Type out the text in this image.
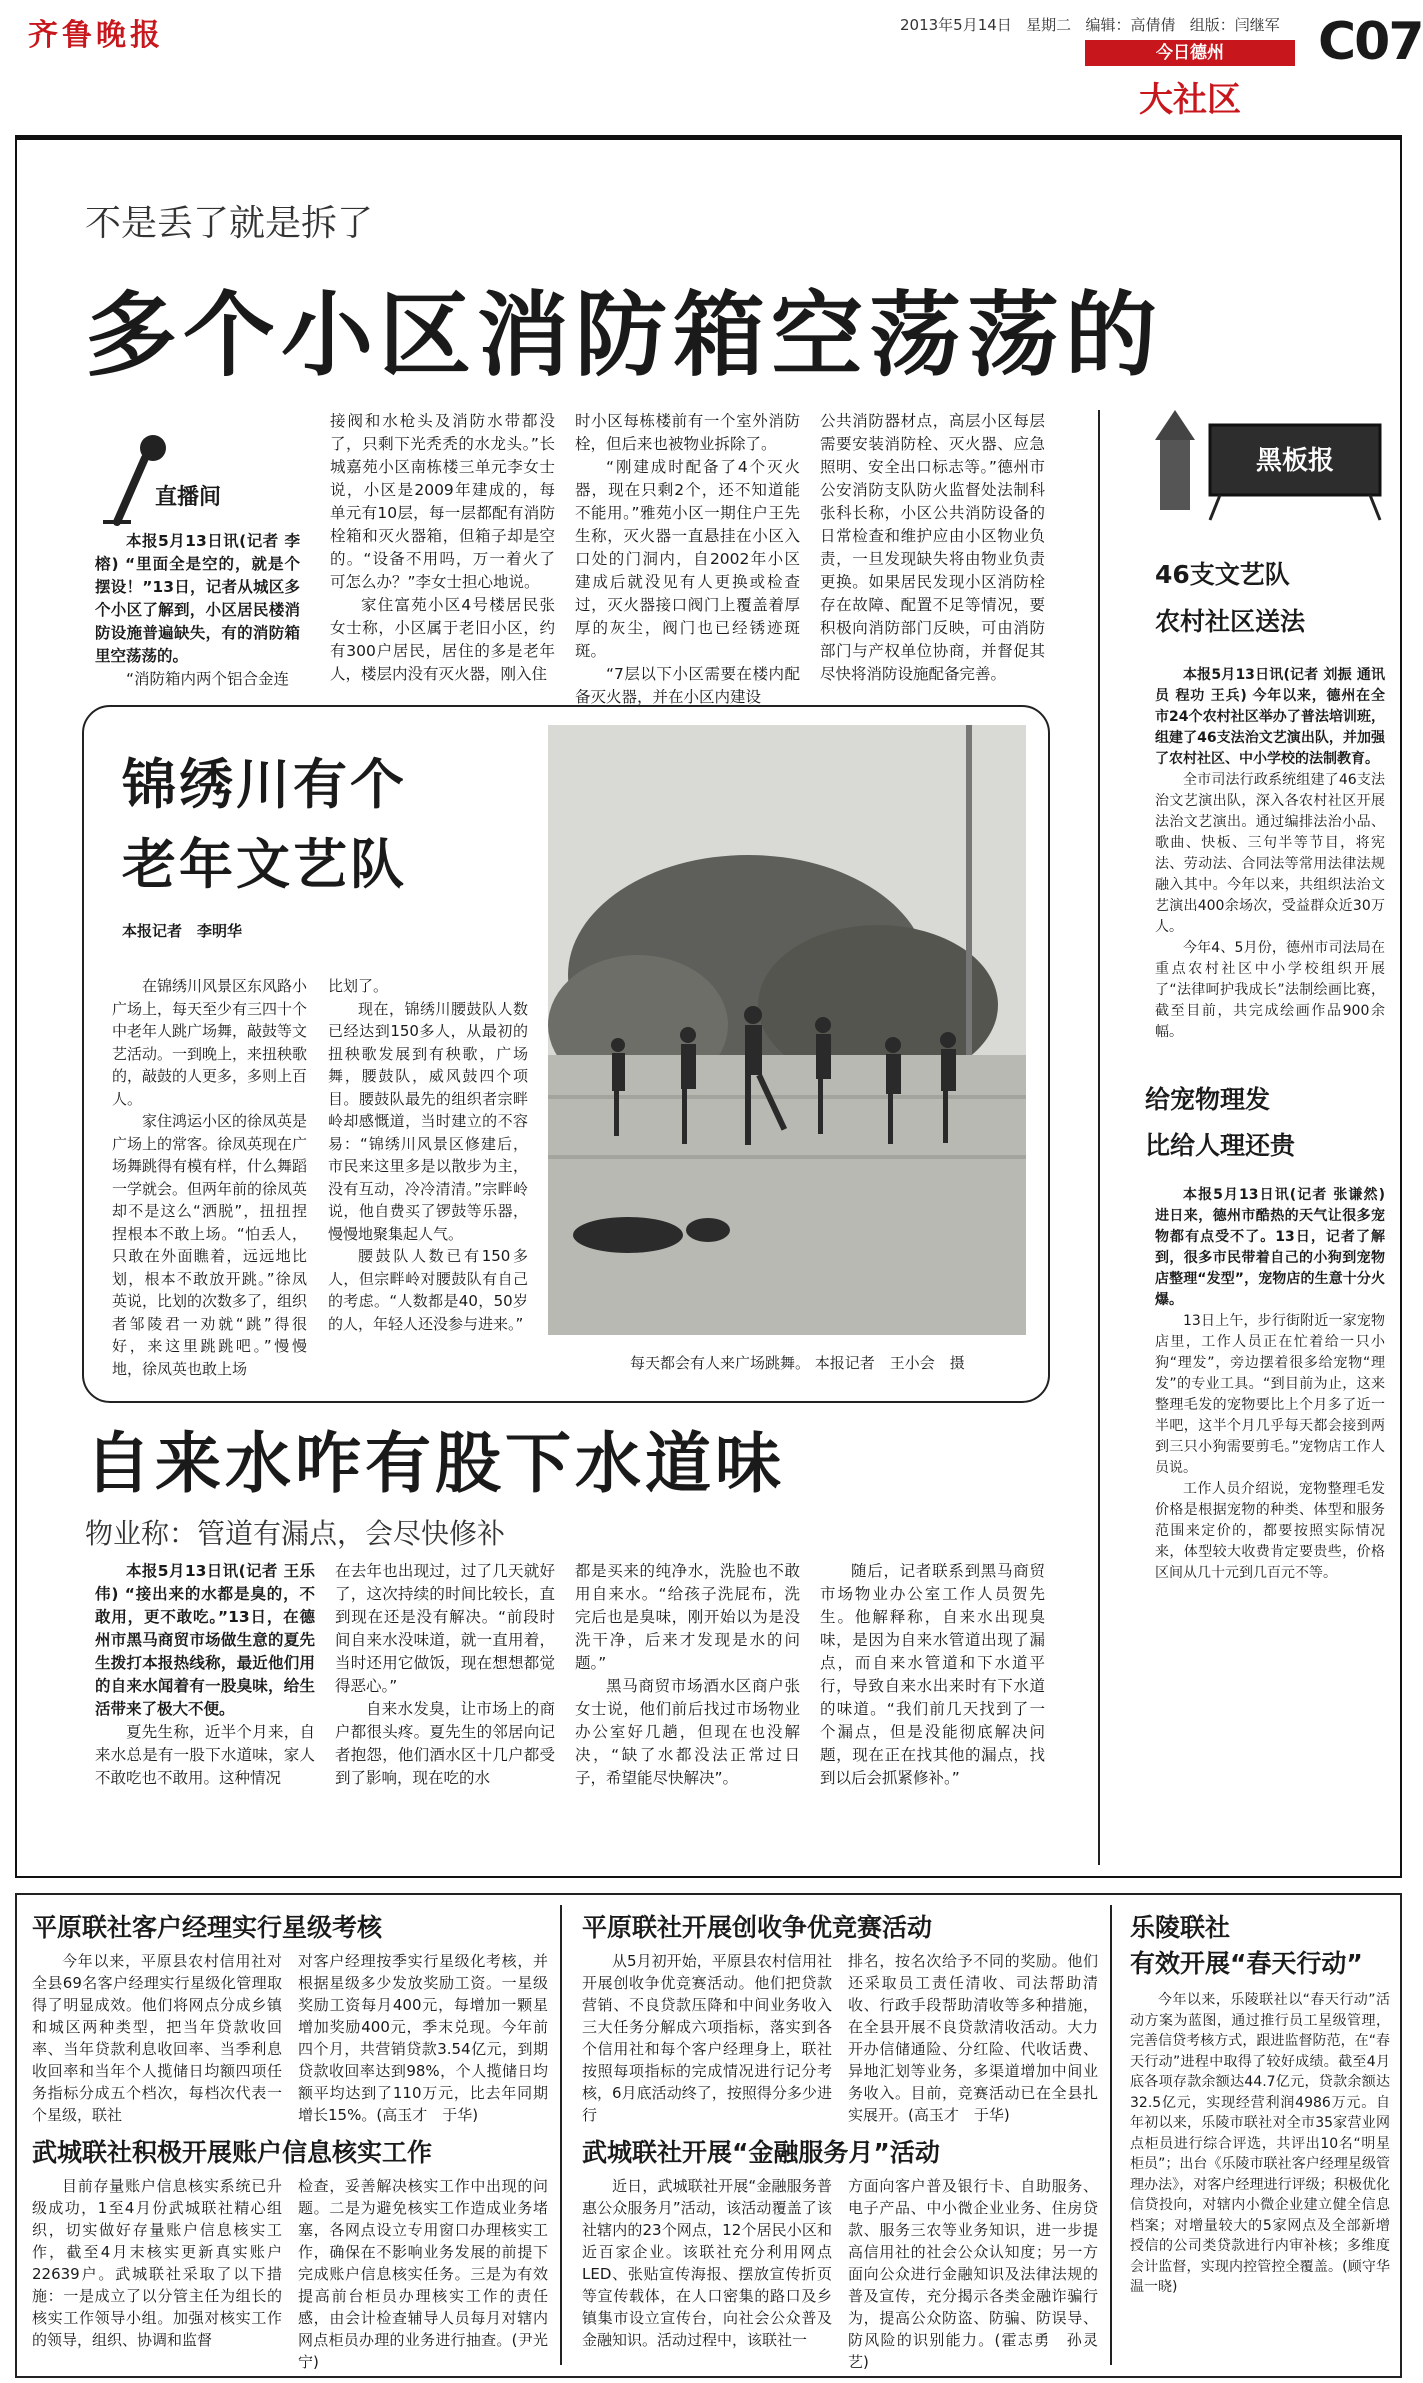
齐鲁晚报	2013年5月14日 星期二 编辑：高倩倩 组版：闫继军
今日德州
大社区
C07
不是丢了就是拆了
多个小区消防箱空荡荡的
直播间

本报5月13日讯(记者 李榕) “里面全是空的，就是个摆设！”13日，记者从城区多个小区了解到，小区居民楼消防设施普遍缺失，有的消防箱里空荡荡的。

“消防箱内两个铝合金连

接阀和水枪头及消防水带都没了，只剩下光秃秃的水龙头。”长城嘉苑小区南栋楼三单元李女士说，小区是2009年建成的，每单元有10层，每一层都配有消防栓箱和灭火器箱，但箱子却是空的。“设备不用吗，万一着火了可怎么办？”李女士担心地说。

家住富苑小区4号楼居民张女士称，小区属于老旧小区，约有300户居民，居住的多是老年人，楼层内没有灭火器，刚入住

时小区每栋楼前有一个室外消防栓，但后来也被物业拆除了。

“刚建成时配备了4个灭火器，现在只剩2个，还不知道能不能用。”雅苑小区一期住户王先生称，灭火器一直悬挂在小区入口处的门洞内，自2002年小区建成后就没见有人更换或检查过，灭火器接口阀门上覆盖着厚厚的灰尘，阀门也已经锈迹斑斑。

“7层以下小区需要在楼内配备灭火器，并在小区内建设

公共消防器材点，高层小区每层需要安装消防栓、灭火器、应急照明、安全出口标志等。”德州市公安消防支队防火监督处法制科张科长称，小区公共消防设备的日常检查和维护应由小区物业负责，一旦发现缺失将由物业负责更换。如果居民发现小区消防栓存在故障、配置不足等情况，要积极向消防部门反映，可由消防部门与产权单位协商，并督促其尽快将消防设施配备完善。

锦绣川有个
老年文艺队
本报记者　李明华

在锦绣川风景区东风路小广场上，每天至少有三四十个中老年人跳广场舞，敲鼓等文艺活动。一到晚上，来扭秧歌的，敲鼓的人更多，多则上百人。

家住鸿运小区的徐凤英是广场上的常客。徐凤英现在广场舞跳得有模有样，什么舞蹈一学就会。但两年前的徐凤英却不是这么“洒脱”，扭扭捏捏根本不敢上场。“怕丢人，只敢在外面瞧着，远远地比划，根本不敢放开跳。”徐凤英说，比划的次数多了，组织者邹陵君一劝就“跳”得很好，来这里跳跳吧。”慢慢地，徐凤英也敢上场

比划了。

现在，锦绣川腰鼓队人数已经达到150多人，从最初的扭秧歌发展到有秧歌，广场舞，腰鼓队，威风鼓四个项目。腰鼓队最先的组织者宗畔岭却感慨道，当时建立的不容易：“锦绣川风景区修建后，市民来这里多是以散步为主，没有互动，冷冷清清。”宗畔岭说，他自费买了锣鼓等乐器，慢慢地聚集起人气。

腰鼓队人数已有150多人，但宗畔岭对腰鼓队有自己的考虑。“人数都是40，50岁的人，年轻人还没参与进来。”

每天都会有人来广场跳舞。 本报记者　王小会　摄
自来水咋有股下水道味
物业称：管道有漏点，会尽快修补

本报5月13日讯(记者 王乐伟) “接出来的水都是臭的，不敢用，更不敢吃。”13日，在德州市黑马商贸市场做生意的夏先生拨打本报热线称，最近他们用的自来水闻着有一股臭味，给生活带来了极大不便。

夏先生称，近半个月来，自来水总是有一股下水道味，家人不敢吃也不敢用。这种情况

在去年也出现过，过了几天就好了，这次持续的时间比较长，直到现在还是没有解决。“前段时间自来水没味道，就一直用着，当时还用它做饭，现在想想都觉得恶心。”

自来水发臭，让市场上的商户都很头疼。夏先生的邻居向记者抱怨，他们酒水区十几户都受到了影响，现在吃的水

都是买来的纯净水，洗脸也不敢用自来水。“给孩子洗屁布，洗完后也是臭味，刚开始以为是没洗干净，后来才发现是水的问题。”

黑马商贸市场酒水区商户张女士说，他们前后找过市场物业办公室好几趟，但现在也没解决，“缺了水都没法正常过日子，希望能尽快解决”。

随后，记者联系到黑马商贸市场物业办公室工作人员贺先生。他解释称，自来水出现臭味，是因为自来水管道出现了漏点，而自来水管道和下水道平行，导致自来水出来时有下水道的味道。“我们前几天找到了一个漏点，但是没能彻底解决问题，现在正在找其他的漏点，找到以后会抓紧修补。”

黑板报
46支文艺队
农村社区送法

本报5月13日讯(记者 刘振 通讯员 程功 王兵) 今年以来，德州在全市24个农村社区举办了普法培训班，组建了46支法治文艺演出队，并加强了农村社区、中小学校的法制教育。

全市司法行政系统组建了46支法治文艺演出队，深入各农村社区开展法治文艺演出。通过编排法治小品、歌曲、快板、三句半等节目，将宪法、劳动法、合同法等常用法律法规融入其中。今年以来，共组织法治文艺演出400余场次，受益群众近30万人。

今年4、5月份，德州市司法局在重点农村社区中小学校组织开展了“法律呵护我成长”法制绘画比赛，截至目前，共完成绘画作品900余幅。

给宠物理发
比给人理还贵

本报5月13日讯(记者 张谦然) 进日来，德州市酷热的天气让很多宠物都有点受不了。13日，记者了解到，很多市民带着自己的小狗到宠物店整理“发型”，宠物店的生意十分火爆。

13日上午，步行街附近一家宠物店里，工作人员正在忙着给一只小狗“理发”，旁边摆着很多给宠物“理发”的专业工具。“到目前为止，这来整理毛发的宠物要比上个月多了近一半吧，这半个月几乎每天都会接到两到三只小狗需要剪毛。”宠物店工作人员说。

工作人员介绍说，宠物整理毛发价格是根据宠物的种类、体型和服务范围来定价的，都要按照实际情况来，体型较大收费肯定要贵些，价格区间从几十元到几百元不等。

平原联社客户经理实行星级考核

今年以来，平原县农村信用社对全县69名客户经理实行星级化管理取得了明显成效。他们将网点分成乡镇和城区两种类型，把当年贷款收回率、当年贷款利息收回率、当季利息收回率和当年个人揽储日均额四项任务指标分成五个档次，每档次代表一个星级，联社

对客户经理按季实行星级化考核，并根据星级多少发放奖励工资。一星级奖励工资每月400元，每增加一颗星增加奖励400元，季末兑现。今年前四个月，共营销贷款3.54亿元，到期贷款收回率达到98%，个人揽储日均额平均达到了110万元，比去年同期增长15%。(高玉才　于华)

武城联社积极开展账户信息核实工作

目前存量账户信息核实系统已升级成功，1至4月份武城联社精心组织，切实做好存量账户信息核实工作，截至4月末核实更新真实账户22639户。武城联社采取了以下措施：一是成立了以分管主任为组长的核实工作领导小组。加强对核实工作的领导，组织、协调和监督

检查，妥善解决核实工作中出现的问题。二是为避免核实工作造成业务堵塞，各网点设立专用窗口办理核实工作，确保在不影响业务发展的前提下完成账户信息核实任务。三是为有效提高前台柜员办理核实工作的责任感，由会计检查辅导人员每月对辖内网点柜员办理的业务进行抽查。(尹光宁)

平原联社开展创收争优竞赛活动

从5月初开始，平原县农村信用社开展创收争优竞赛活动。他们把贷款营销、不良贷款压降和中间业务收入三大任务分解成六项指标，落实到各个信用社和每个客户经理身上，联社按照每项指标的完成情况进行记分考核，6月底活动终了，按照得分多少进行

排名，按名次给予不同的奖励。他们还采取员工责任清收、司法帮助清收、行政手段帮助清收等多种措施，在全县开展不良贷款清收活动。大力开办信储通险、分红险、代收话费、异地汇划等业务，多渠道增加中间业务收入。目前，竞赛活动已在全县扎实展开。(高玉才　于华)

武城联社开展“金融服务月”活动

近日，武城联社开展“金融服务普惠公众服务月”活动，该活动覆盖了该社辖内的23个网点，12个居民小区和近百家企业。该联社充分利用网点LED、张贴宣传海报、摆放宣传折页等宣传载体，在人口密集的路口及乡镇集市设立宣传台，向社会公众普及金融知识。活动过程中，该联社一

方面向客户普及银行卡、自助服务、电子产品、中小微企业业务、住房贷款、服务三农等业务知识，进一步提高信用社的社会公众认知度；另一方面向公众进行金融知识及法律法规的普及宣传，充分揭示各类金融诈骗行为，提高公众防盗、防骗、防误导、防风险的识别能力。(霍志勇　孙灵艺)

乐陵联社
有效开展“春天行动”

今年以来，乐陵联社以“春天行动”活动方案为蓝图，通过推行员工星级管理，完善信贷考核方式，跟进监督防范，在“春天行动”进程中取得了较好成绩。截至4月底各项存款余额达44.7亿元，贷款余额达32.5亿元，实现经营利润4986万元。自年初以来，乐陵市联社对全市35家营业网点柜员进行综合评选，共评出10名“明星柜员”；出台《乐陵市联社客户经理星级管理办法》，对客户经理进行评级；积极优化信贷投向，对辖内小微企业建立健全信息档案；对增量较大的5家网点及全部新增授信的公司类贷款进行内审补核；多维度会计监督，实现内控管控全覆盖。(顾守华　温一晓)
